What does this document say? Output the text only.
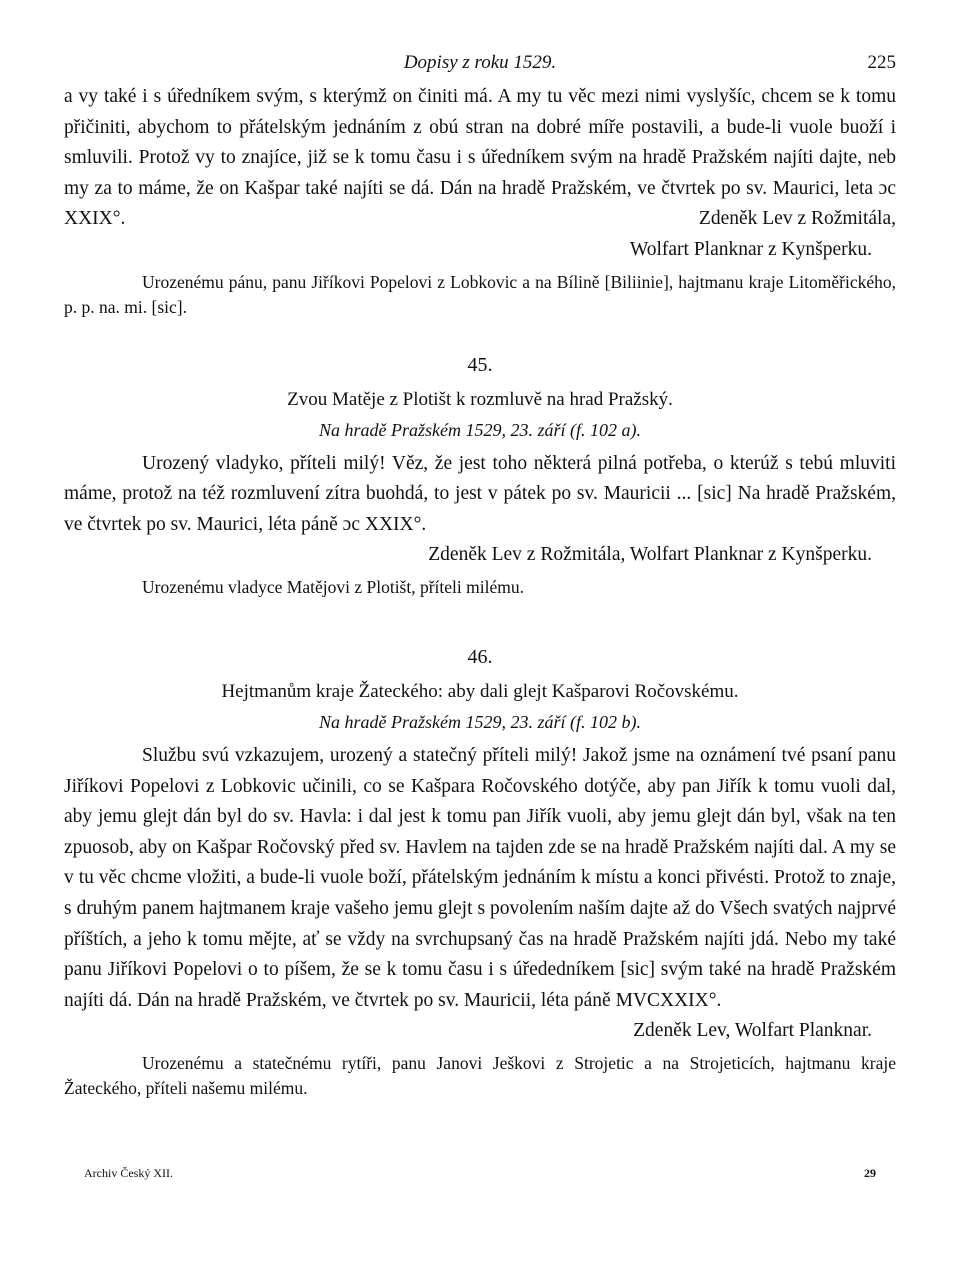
Dopisy z roku 1529.	225

a vy také i s úředníkem svým, s kterýmž on činiti má. A my tu věc mezi nimi vyslyšíc, chcem se k tomu přičiniti, abychom to přátelským jednáním z obú stran na dobré míře postavili, a bude-li vuole buoží i smluvili. Protož vy to znajíce, již se k tomu času i s úředníkem svým na hradě Pražském najíti dajte, neb my za to máme, že on Kašpar také najíti se dá. Dán na hradě Pražském, ve čtvrtek po sv. Maurici, leta ɔc XXIX°.	Zdeněk Lev z Rožmitála,

Wolfart Planknar z Kynšperku.

Urozenému pánu, panu Jiříkovi Popelovi z Lobkovic a na Bílině [Biliinie], hajtmanu kraje Litoměřického, p. p. na. mi. [sic].

45.
Zvou Matěje z Plotišt k rozmluvě na hrad Pražský.
Na hradě Pražském 1529, 23. září (f. 102 a).

Urozený vladyko, příteli milý! Věz, že jest toho některá pilná potřeba, o kterúž s tebú mluviti máme, protož na též rozmluvení zítra buohdá, to jest v pátek po sv. Mauricii ... [sic] Na hradě Pražském, ve čtvrtek po sv. Maurici, léta páně ɔc XXIX°.

Zdeněk Lev z Rožmitála, Wolfart Planknar z Kynšperku.

Urozenému vladyce Matějovi z Plotišt, příteli milému.

46.
Hejtmanům kraje Žateckého: aby dali glejt Kašparovi Ročovskému.
Na hradě Pražském 1529, 23. září (f. 102 b).

Službu svú vzkazujem, urozený a statečný příteli milý! Jakož jsme na oznámení tvé psaní panu Jiříkovi Popelovi z Lobkovic učinili, co se Kašpara Ročovského dotýče, aby pan Jiřík k tomu vuoli dal, aby jemu glejt dán byl do sv. Havla: i dal jest k tomu pan Jiřík vuoli, aby jemu glejt dán byl, však na ten zpuosob, aby on Kašpar Ročovský před sv. Havlem na tajden zde se na hradě Pražském najíti dal. A my se v tu věc chcme vložiti, a bude-li vuole boží, přátelským jednáním k místu a konci přivésti. Protož to znaje, s druhým panem hajtmanem kraje vašeho jemu glejt s povolením naším dajte až do Všech svatých najprvé příštích, a jeho k tomu mějte, ať se vždy na svrchupsaný čas na hradě Pražském najíti jdá. Nebo my také panu Jiříkovi Popelovi o to píšem, že se k tomu času i s úřededníkem [sic] svým také na hradě Pražském najíti dá. Dán na hradě Pražském, ve čtvrtek po sv. Mauricii, léta páně MVCXXIX°.

Zdeněk Lev, Wolfart Planknar.

Urozenému a statečnému rytíři, panu Janovi Ješkovi z Strojetic a na Strojeticích, hajtmanu kraje Žateckého, příteli našemu milému.

Archiv Český XII.	29
